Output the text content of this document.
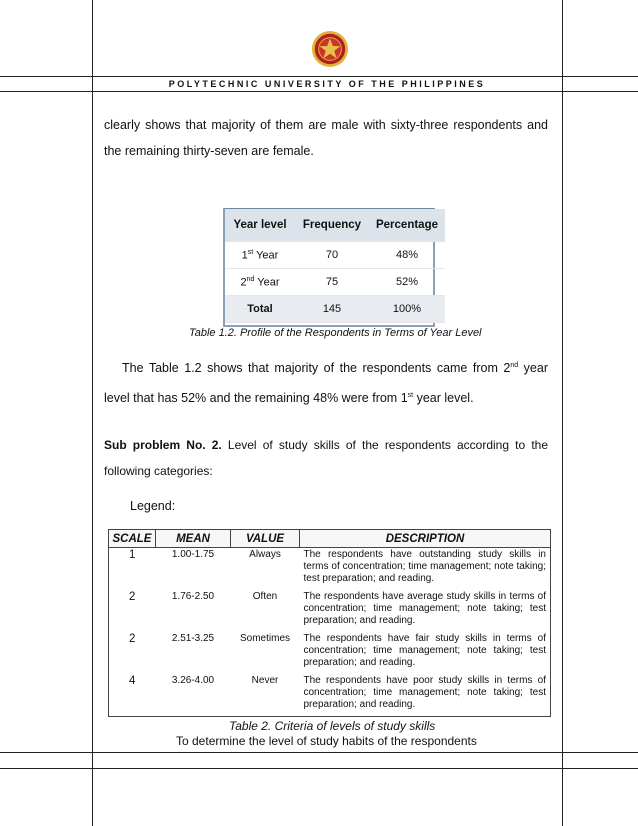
POLYTECHNIC UNIVERSITY OF THE PHILIPPINES
clearly shows that majority of them are male with sixty-three respondents and the remaining thirty-seven are female.
Year level	Frequency	Percentage
1st Year	70	48%
2nd Year	75	52%
Total	145	100%
Table 1.2. Profile of the Respondents in Terms of Year Level
The Table 1.2 shows that majority of the respondents came from 2nd year level that has 52% and the remaining 48% were from 1st year level.
Sub problem No. 2. Level of study skills of the respondents according to the following categories:
Legend:
SCALE	MEAN	VALUE	DESCRIPTION
1	1.00-1.75	Always	The respondents have outstanding study skills in terms of concentration; time management; note taking; test preparation; and reading.
2	1.76-2.50	Often	The respondents have average study skills in terms of concentration; time management; note taking; test preparation; and reading.
2	2.51-3.25	Sometimes	The respondents have fair study skills in terms of concentration; time management; note taking; test preparation; and reading.
4	3.26-4.00	Never	The respondents have poor study skills in terms of concentration; time management; note taking; test preparation; and reading.
Table 2. Criteria of levels of study skills
To determine the level of study habits of the respondents
